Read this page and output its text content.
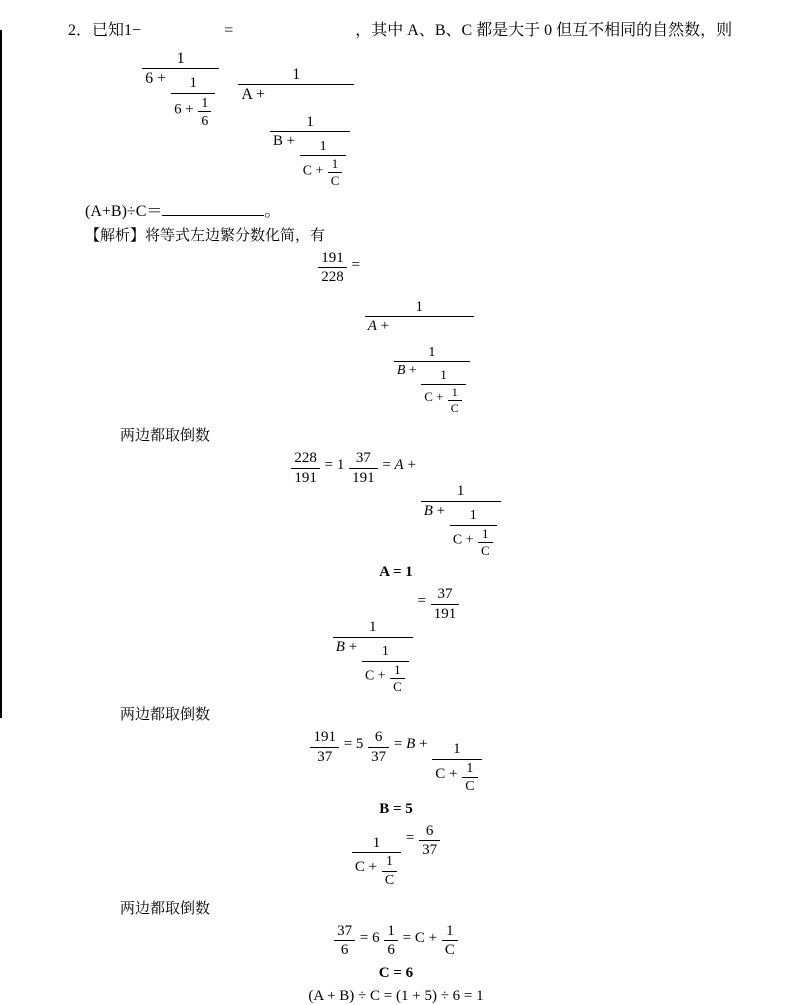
2．已知1−
$\frac{1}{6 + \frac{1}{6 + \frac{1}{6}}}$
=
1
A +
$\frac{1}{B + \frac{1}{C + \frac{1}{C}}}$
，其中 A、B、C 都是大于 0 但互不相同的自然数，则
(A+B)÷C＝	。
【解析】将等式左边繁分数化简，有
$\frac{191}{228}$ =
1
A +
$\frac{1}{B + \frac{1}{C + \frac{1}{C}}}$
两边都取倒数
$\frac{228}{191} = 1 \frac{37}{191} = A$ +
$\frac{1}{B + \frac{1}{C + \frac{1}{C}}}$
A = 1
$\frac{1}{B + \frac{1}{C + \frac{1}{C}}}$
= $\frac{37}{191}$
两边都取倒数
$\frac{191}{37} = 5 \frac{6}{37} = B + \frac{1}{C + \frac{1}{C}}$
B = 5
$\frac{1}{C + \frac{1}{C}} = \frac{6}{37}$
两边都取倒数
$\frac{37}{6} = 6 \frac{1}{6} = C + \frac{1}{C}$
C = 6
(A + B) ÷ C = (1 + 5) ÷ 6 = 1
